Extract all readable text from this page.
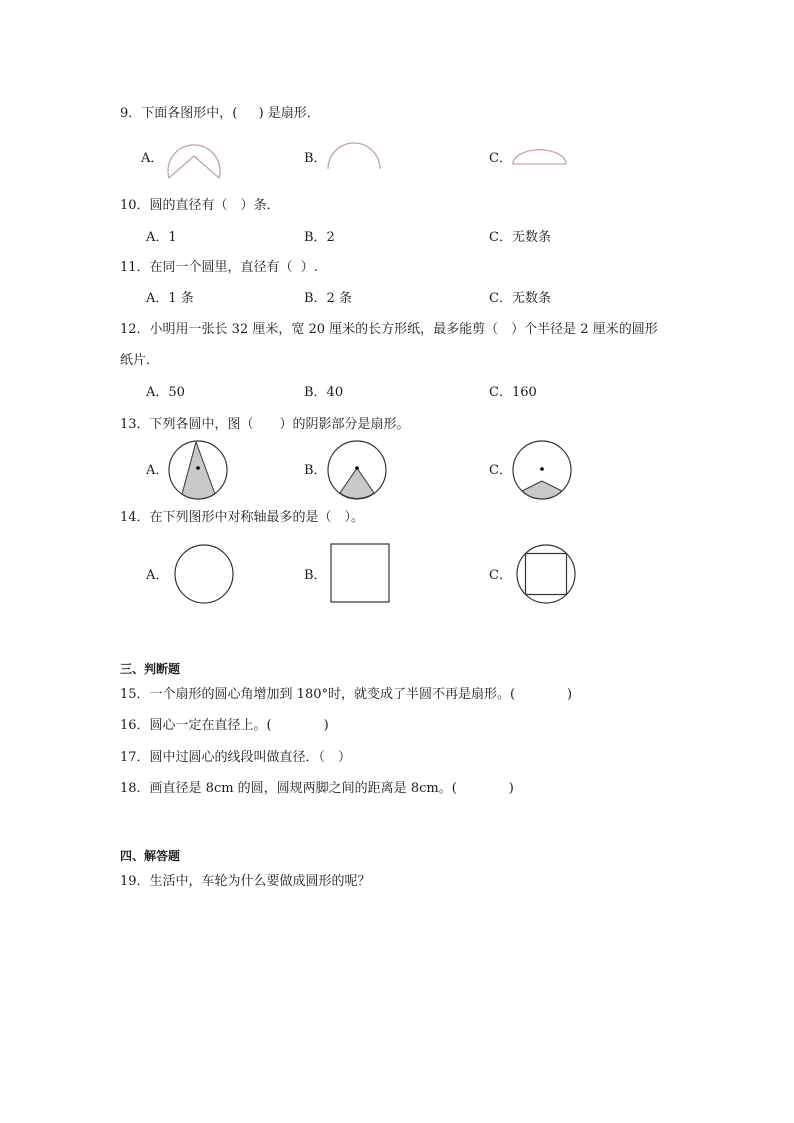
9．下面各图形中，(　  ) 是扇形．
A．	B．	C．
10．圆的直径有（　）条．
A．1	B．2	C．无数条
11．在同一个圆里，直径有（  ）.
A．1 条	B．2 条	C．无数条
12．小明用一张长 32 厘米，宽 20 厘米的长方形纸，最多能剪（　）个半径是 2 厘米的圆形
纸片．
A．50	B．40	C．160
13．下列各圆中，图（　　）的阴影部分是扇形。
A．	B．	C．
14．在下列图形中对称轴最多的是（　）。
A．	B．	C．
三、判断题
15．一个扇形的圆心角增加到 180°时，就变成了半圆不再是扇形。(　　　　)
16．圆心一定在直径上。(　　　　)
17．圆中过圆心的线段叫做直径．（　）
18．画直径是 8cm 的圆，圆规两脚之间的距离是 8cm。(　　　　)
四、解答题
19．生活中，车轮为什么要做成圆形的呢？
